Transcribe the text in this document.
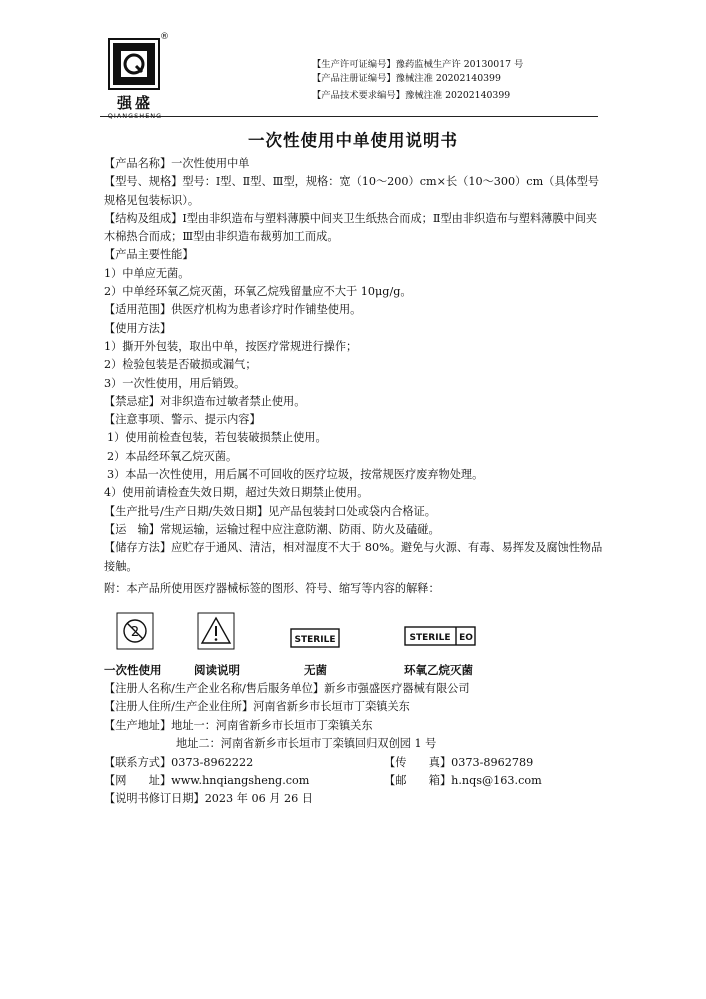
®
强盛
QIANGSHENG
【生产许可证编号】豫药监械生产许 20130017 号
【产品注册证编号】豫械注准 20202140399
【产品技术要求编号】豫械注准 20202140399
一次性使用中单使用说明书

【产品名称】一次性使用中单

【型号、规格】型号：Ⅰ型、Ⅱ型、Ⅲ型，规格：宽（10～200）cm×长（10～300）cm（具体型号规格见包装标识）。

【结构及组成】Ⅰ型由非织造布与塑料薄膜中间夹卫生纸热合而成；Ⅱ型由非织造布与塑料薄膜中间夹木棉热合而成；Ⅲ型由非织造布裁剪加工而成。

【产品主要性能】

1）中单应无菌。

2）中单经环氧乙烷灭菌，环氧乙烷残留量应不大于 10μg/g。

【适用范围】供医疗机构为患者诊疗时作铺垫使用。

【使用方法】

1）撕开外包装，取出中单，按医疗常规进行操作；

2）检验包装是否破损或漏气；

3）一次性使用，用后销毁。

【禁忌症】对非织造布过敏者禁止使用。

【注意事项、警示、提示内容】

1）使用前检查包装，若包装破损禁止使用。

2）本品经环氧乙烷灭菌。

3）本品一次性使用，用后属不可回收的医疗垃圾，按常规医疗废弃物处理。

4）使用前请检查失效日期，超过失效日期禁止使用。

【生产批号/生产日期/失效日期】见产品包装封口处或袋内合格证。

【运　输】常规运输，运输过程中应注意防潮、防雨、防火及磕碰。

【储存方法】应贮存于通风、清洁，相对湿度不大于 80%。避免与火源、有毒、易挥发及腐蚀性物品接触。

附：本产品所使用医疗器械标签的图形、符号、缩写等内容的解释：

2	STERILE	STERILE EO
一次性使用	阅读说明	无菌	环氧乙烷灭菌

【注册人名称/生产企业名称/售后服务单位】新乡市强盛医疗器械有限公司

【注册人住所/生产企业住所】河南省新乡市长垣市丁栾镇关东

【生产地址】地址一：河南省新乡市长垣市丁栾镇关东

地址二：河南省新乡市长垣市丁栾镇回归双创园 1 号

【联系方式】0373-8962222	【传　　真】0373-8962789

【网　　址】www.hnqiangsheng.com	【邮　　箱】h.nqs@163.com

【说明书修订日期】2023 年 06 月 26 日
